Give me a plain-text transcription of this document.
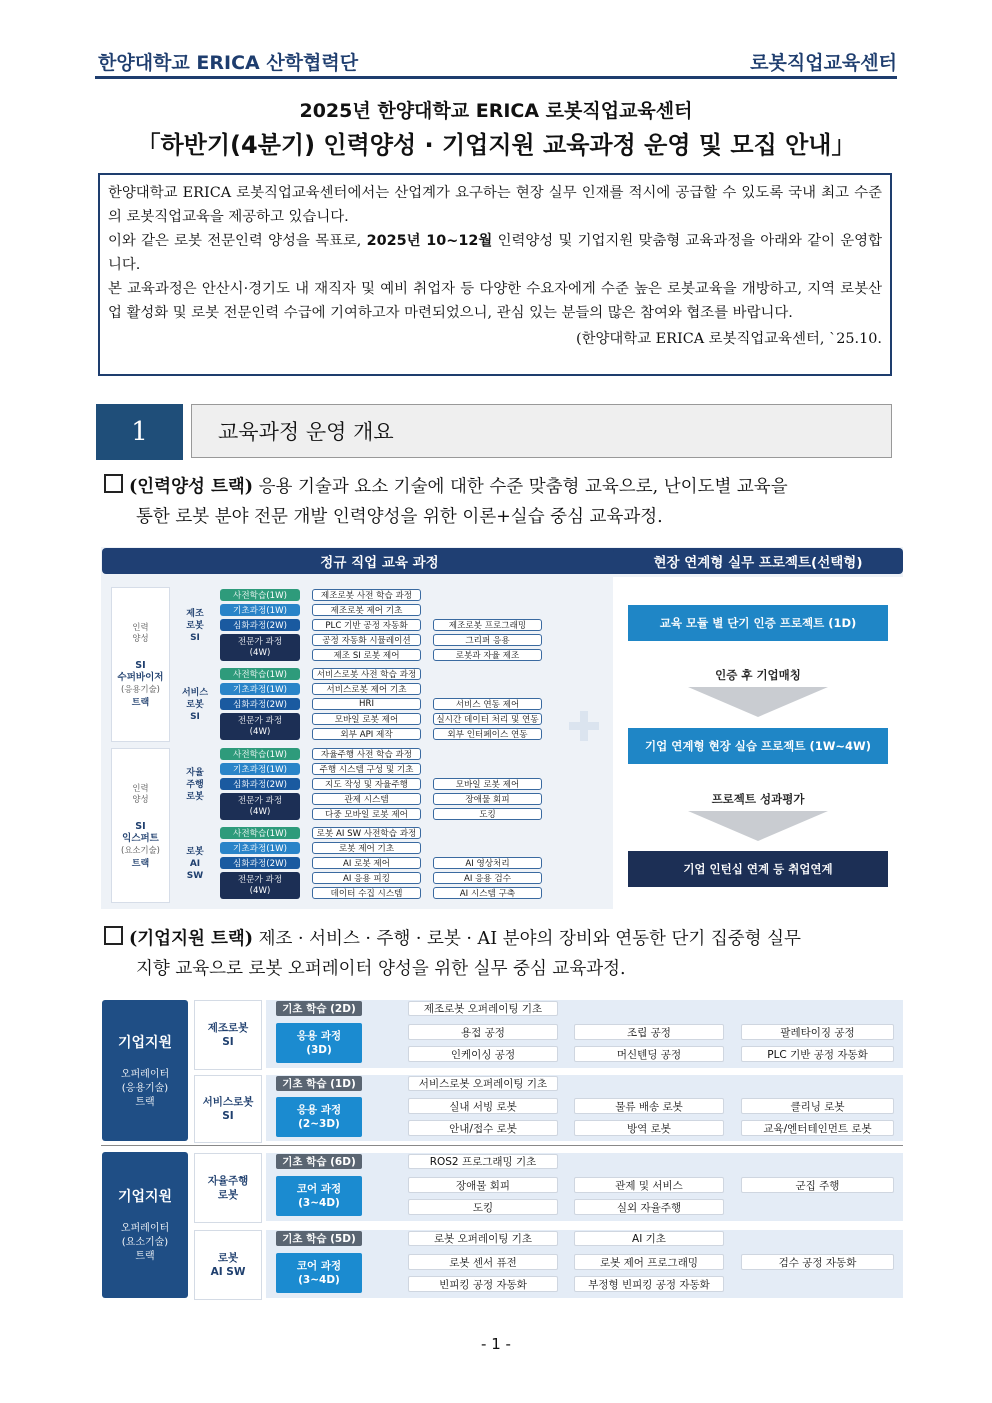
한양대학교 ERICA 산학협력단	로봇직업교육센터
2025년 한양대학교 ERICA 로봇직업교육센터
「하반기(4분기) 인력양성 · 기업지원 교육과정 운영 및 모집 안내」

한양대학교 ERICA 로봇직업교육센터에서는 산업계가 요구하는 현장 실무 인재를 적시에 공급할 수 있도록 국내 최고 수준의 로봇직업교육을 제공하고 있습니다.

이와 같은 로봇 전문인력 양성을 목표로, 2025년 10~12월 인력양성 및 기업지원 맞춤형 교육과정을 아래와 같이 운영합니다.

본 교육과정은 안산시·경기도 내 재직자 및 예비 취업자 등 다양한 수요자에게 수준 높은 로봇교육을 개방하고, 지역 로봇산업 활성화 및 로봇 전문인력 수급에 기여하고자 마련되었으니, 관심 있는 분들의 많은 참여와 협조를 바랍니다.

(한양대학교 ERICA 로봇직업교육센터, `25.10.

1	교육과정 운영 개요
(인력양성 트랙) 응용 기술과 요소 기술에 대한 수준 맞춤형 교육으로, 난이도별 교육을
통한 로봇 분야 전문 개발 인력양성을 위한 이론+실습 중심 교육과정.
정규 직업 교육 과정	현장 연계형 실무 프로젝트(선택형)
인력
양성
SI
수퍼바이저
(응용기술)
트랙
인력
양성
SI
익스퍼트
(요소기술)
트랙
제조
로봇
SI
사전학습(1W)	제조로봇 사전 학습 과정
기초과정(1W)	제조로봇 제어 기초
심화과정(2W)	PLC 기반 공정 자동화	제조로봇 프로그래밍
전문가 과정
(4W)
공정 자동화 시뮬레이션	그리퍼 응용
제조 SI 로봇 제어	로봇과 자율 제조
서비스
로봇
SI
사전학습(1W)	서비스로봇 사전 학습 과정
기초과정(1W)	서비스로봇 제어 기초
심화과정(2W)	HRI	서비스 연동 제어
전문가 과정
(4W)
모바일 로봇 제어	실시간 데이터 처리 및 연동
외부 API 제작	외부 인터페이스 연동
자율
주행
로봇
사전학습(1W)	자율주행 사전 학습 과정
기초과정(1W)	주행 시스템 구성 및 기초
심화과정(2W)	지도 작성 및 자율주행	모바일 로봇 제어
전문가 과정
(4W)
관제 시스템	장애물 회피
다중 모바일 로봇 제어	도킹
로봇
AI
SW
사전학습(1W)	로봇 AI SW 사전학습 과정
기초과정(1W)	로봇 제어 기초
심화과정(2W)	AI 로봇 제어	AI 영상처리
전문가 과정
(4W)
AI 응용 피킹	AI 응용 검수
데이터 수집 시스템	AI 시스템 구축
교육 모듈 별 단기 인증 프로젝트 (1D)
인증 후 기업매칭
기업 연계형 현장 실습 프로젝트 (1W~4W)
프로젝트 성과평가
기업 인턴십 연계 등 취업연계
(기업지원 트랙) 제조 · 서비스 · 주행 · 로봇 · AI 분야의 장비와 연동한 단기 집중형 실무
지향 교육으로 로봇 오퍼레이터 양성을 위한 실무 중심 교육과정.
기업지원
오퍼레이터
(응용기술)
트랙
기업지원
오퍼레이터
(요소기술)
트랙
제조로봇
SI
기초 학습 (2D)	제조로봇 오퍼레이팅 기초
응용 과정
(3D)
용접 공정	조립 공정	팔레타이징 공정
인케이싱 공정	머신텐딩 공정	PLC 기반 공정 자동화
서비스로봇
SI
기초 학습 (1D)	서비스로봇 오퍼레이팅 기초
응용 과정
(2~3D)
실내 서빙 로봇	물류 배송 로봇	클리닝 로봇
안내/접수 로봇	방역 로봇	교육/엔터테인먼트 로봇
자율주행
로봇
기초 학습 (6D)	ROS2 프로그래밍 기초
코어 과정
(3~4D)
장애물 회피	관제 및 서비스	군집 주행
도킹	실외 자율주행
로봇
AI SW
기초 학습 (5D)	로봇 오퍼레이팅 기초	AI 기초
코어 과정
(3~4D)
로봇 센서 퓨전	로봇 제어 프로그래밍	검수 공정 자동화
빈피킹 공정 자동화	부정형 빈피킹 공정 자동화
- 1 -
